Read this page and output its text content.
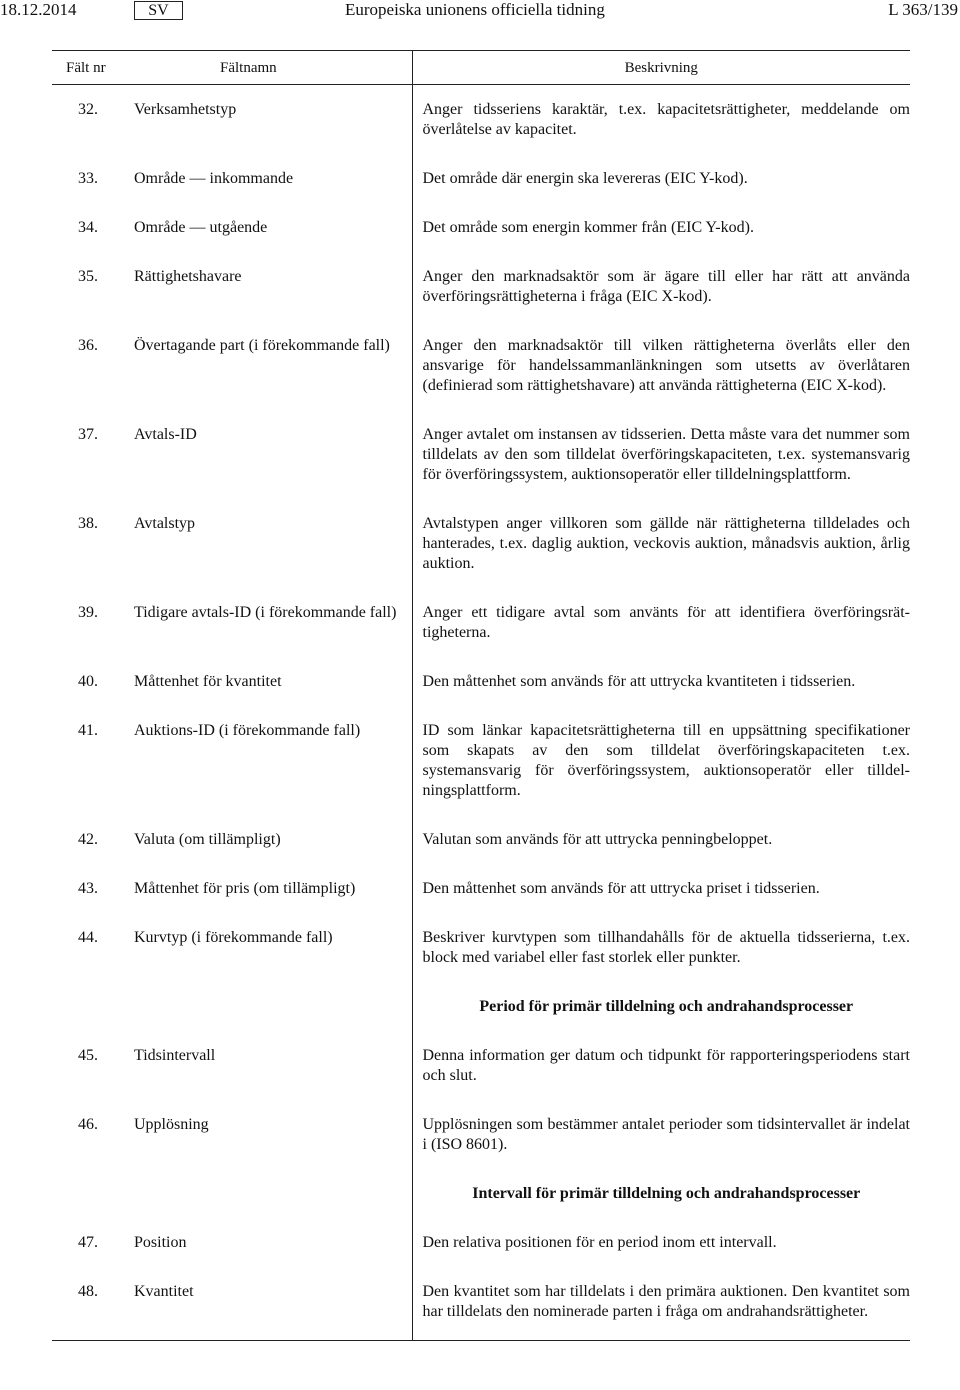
18.12.2014	SV	Europeiska unionens officiella tidning	L 363/139
Fält nr	Fältnamn	Beskrivning

32.	Verksamhetstyp	Anger tidsseriens karaktär, t.ex. kapacitetsrättigheter, meddelande om överlåtelse av kapacitet.
33.	Område — inkommande	Det område där energin ska levereras (EIC Y-kod).
34.	Område — utgående	Det område som energin kommer från (EIC Y-kod).
35.	Rättighetshavare	Anger den marknadsaktör som är ägare till eller har rätt att använda överföringsrättigheterna i fråga (EIC X-kod).
36.	Övertagande part (i förekommande fall)	Anger den marknadsaktör till vilken rättigheterna överlåts eller den ansvarige för handelssammanlänkningen som utsetts av överlåtaren (definierad som rättighetshavare) att använda rättigheterna (EIC X-kod).
37.	Avtals-ID	Anger avtalet om instansen av tidsserien. Detta måste vara det nummer som tilldelats av den som tilldelat överföringskapaciteten, t.ex. systemansvarig för överföringssystem, auktionsoperatör eller tilldelningsplattform.
38.	Avtalstyp	Avtalstypen anger villkoren som gällde när rättigheterna tilldelades och hanterades, t.ex. daglig auktion, veckovis auktion, månadsvis auktion, årlig auktion.
39.	Tidigare avtals-ID (i förekommande fall)	Anger ett tidigare avtal som använts för att identifiera överföringsrättigheterna.
40.	Måttenhet för kvantitet	Den måttenhet som används för att uttrycka kvantiteten i tidsserien.
41.	Auktions-ID (i förekommande fall)	ID som länkar kapacitetsrättigheterna till en uppsättning specifikationer som skapats av den som tilldelat överföringskapaciteten t.ex. systemansvarig för överföringssystem, auktionsoperatör eller tilldelningsplattform.
42.	Valuta (om tillämpligt)	Valutan som används för att uttrycka penningbeloppet.
43.	Måttenhet för pris (om tillämpligt)	Den måttenhet som används för att uttrycka priset i tidsserien.
44.	Kurvtyp (i förekommande fall)	Beskriver kurvtypen som tillhandahålls för de aktuella tidsserierna, t.ex. block med variabel eller fast storlek eller punkter.
		Period för primär tilldelning och andrahandsprocesser
45.	Tidsintervall	Denna information ger datum och tidpunkt för rapporteringsperiodens start och slut.
46.	Upplösning	Upplösningen som bestämmer antalet perioder som tidsintervallet är indelat i (ISO 8601).
		Intervall för primär tilldelning och andrahandsprocesser
47.	Position	Den relativa positionen för en period inom ett intervall.
48.	Kvantitet	Den kvantitet som har tilldelats i den primära auktionen. Den kvantitet som har tilldelats den nominerade parten i fråga om andrahandsrättigheter.
